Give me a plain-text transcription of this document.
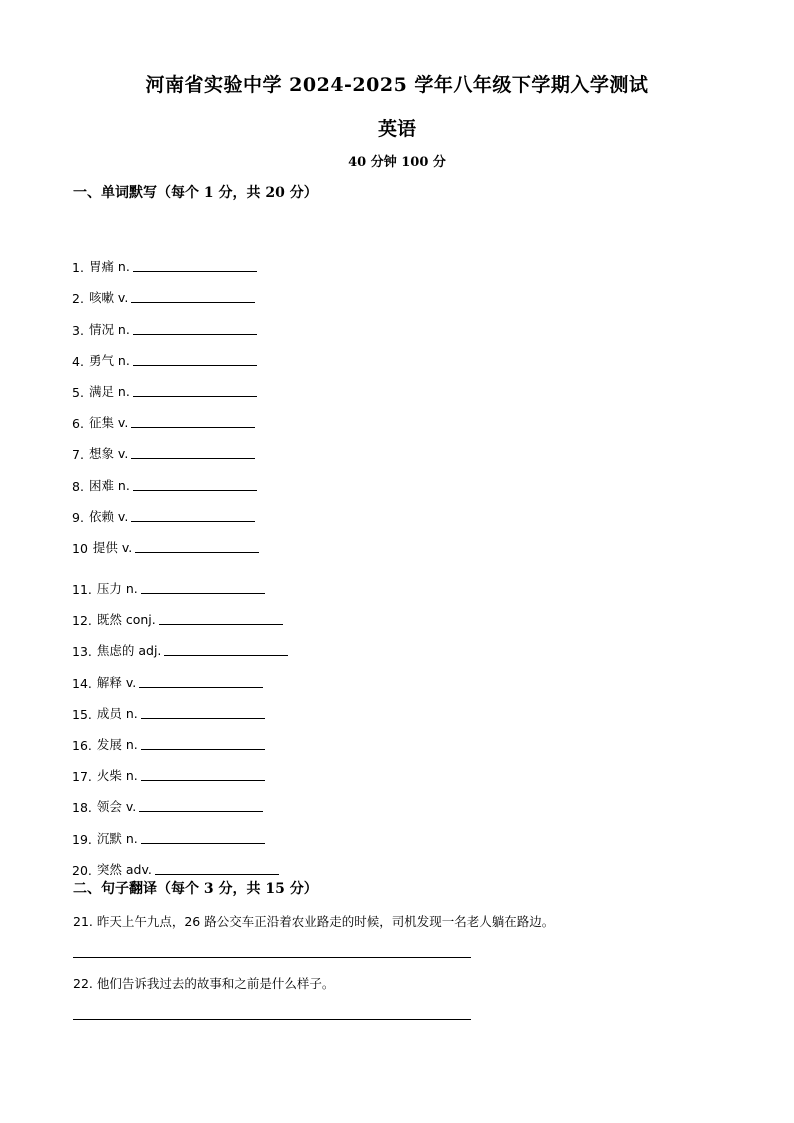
河南省实验中学 2024-2025 学年八年级下学期入学测试
英语
40 分钟 100 分
一、单词默写（每个 1 分，共 20 分）
1. 胃痛 n.
2. 咳嗽 v.
3. 情况 n.
4. 勇气 n.
5. 满足 n.
6. 征集 v.
7. 想象 v.
8. 困难 n.
9. 依赖 v.
10 提供 v.
11. 压力 n.
12. 既然 conj.
13. 焦虑的 adj.
14. 解释 v.
15. 成员 n.
16. 发展 n.
17. 火柴 n.
18. 领会 v.
19. 沉默 n.
20. 突然 adv.
二、句子翻译（每个 3 分，共 15 分）
21. 昨天上午九点，26 路公交车正沿着农业路走的时候，司机发现一名老人躺在路边。
22. 他们告诉我过去的故事和之前是什么样子。
